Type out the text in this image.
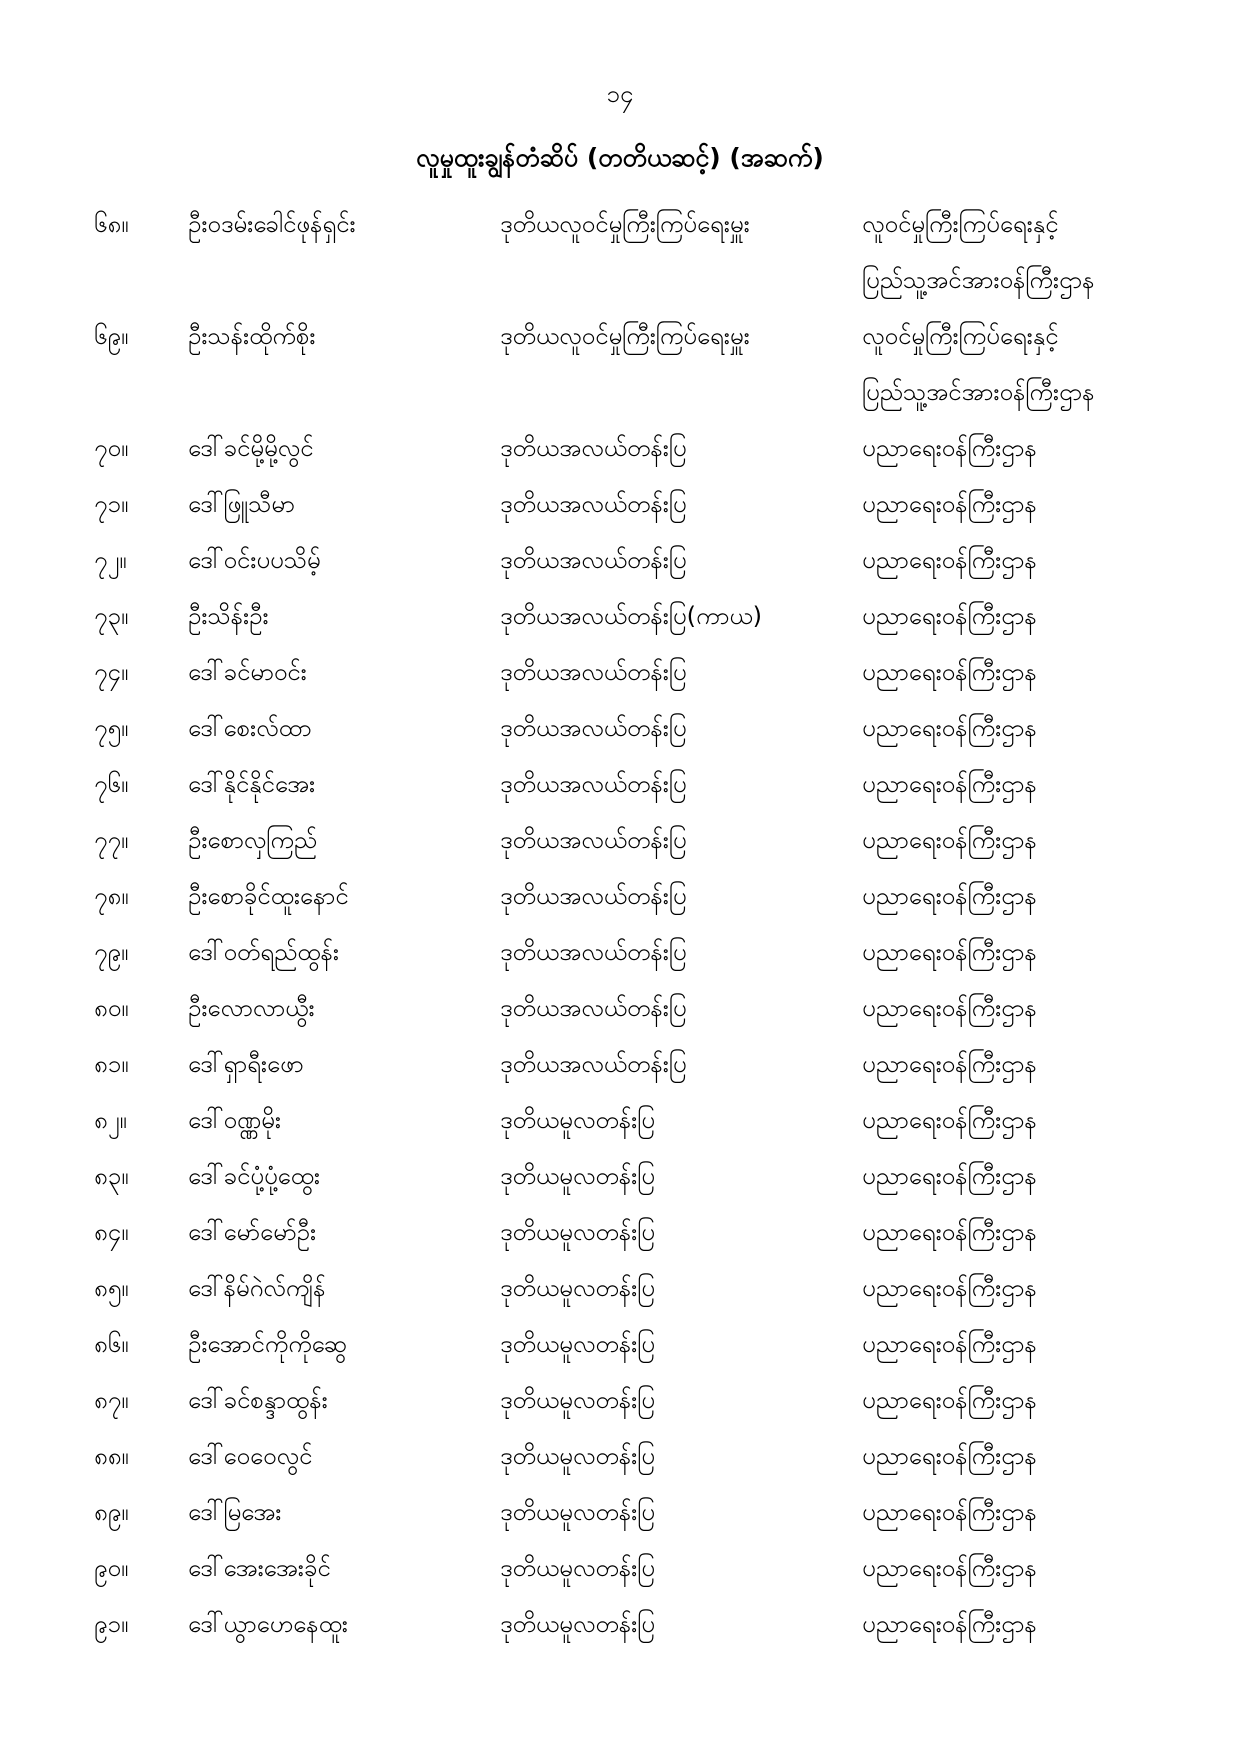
၁၄
လူမှုထူးချွန်တံဆိပ် (တတိယဆင့်) (အဆက်)
၆၈။ ဦးဝဒမ်းခေါင်ဖုန်ရှင်း	ဒုတိယလူဝင်မှုကြီးကြပ်ရေးမှူး	လူဝင်မှုကြီးကြပ်ရေးနှင့်
ပြည်သူ့အင်အားဝန်ကြီးဌာန
၆၉။ ဦးသန်းထိုက်စိုး	ဒုတိယလူဝင်မှုကြီးကြပ်ရေးမှူး	လူဝင်မှုကြီးကြပ်ရေးနှင့်
ပြည်သူ့အင်အားဝန်ကြီးဌာန
၇၀။ ဒေါ်ခင်မို့မို့လွင်	ဒုတိယအလယ်တန်းပြ	ပညာရေးဝန်ကြီးဌာန
၇၁။ ဒေါ်ဖြူသီမာ	ဒုတိယအလယ်တန်းပြ	ပညာရေးဝန်ကြီးဌာန
၇၂။	ဒေါ်ဝင်းပပသိမ့်	ဒုတိယအလယ်တန်းပြ	ပညာရေးဝန်ကြီးဌာန
၇၃။ ဦးသိန်းဦး	ဒုတိယအလယ်တန်းပြ(ကာယ)	ပညာရေးဝန်ကြီးဌာန
၇၄။ ဒေါ်ခင်မာဝင်း	ဒုတိယအလယ်တန်းပြ	ပညာရေးဝန်ကြီးဌာန
၇၅။ ဒေါ်စေးလ်ထာ	ဒုတိယအလယ်တန်းပြ	ပညာရေးဝန်ကြီးဌာန
၇၆။ ဒေါ်နိုင်နိုင်အေး	ဒုတိယအလယ်တန်းပြ	ပညာရေးဝန်ကြီးဌာန
၇၇။ ဦးစောလှကြည်	ဒုတိယအလယ်တန်းပြ	ပညာရေးဝန်ကြီးဌာန
၇၈။ ဦးစောခိုင်ထူးနောင်	ဒုတိယအလယ်တန်းပြ	ပညာရေးဝန်ကြီးဌာန
၇၉။ ဒေါ်ဝတ်ရည်ထွန်း	ဒုတိယအလယ်တန်းပြ	ပညာရေးဝန်ကြီးဌာန
၈၀။ ဦးလောလာယွီး	ဒုတိယအလယ်တန်းပြ	ပညာရေးဝန်ကြီးဌာန
၈၁။ ဒေါ်ရှာရီးဖော	ဒုတိယအလယ်တန်းပြ	ပညာရေးဝန်ကြီးဌာန
၈၂။	ဒေါ်ဝဏ္ဏမိုး	ဒုတိယမူလတန်းပြ	ပညာရေးဝန်ကြီးဌာန
၈၃။ ဒေါ်ခင်ပုံ့ပုံ့ထွေး	ဒုတိယမူလတန်းပြ	ပညာရေးဝန်ကြီးဌာန
၈၄။ ဒေါ်မော်မော်ဦး	ဒုတိယမူလတန်းပြ	ပညာရေးဝန်ကြီးဌာန
၈၅။ ဒေါ်နိမ်ဂဲလ်ကျိန်	ဒုတိယမူလတန်းပြ	ပညာရေးဝန်ကြီးဌာန
၈၆။ ဦးအောင်ကိုကိုဆွေ	ဒုတိယမူလတန်းပြ	ပညာရေးဝန်ကြီးဌာန
၈၇။ ဒေါ်ခင်စန္ဒာထွန်း	ဒုတိယမူလတန်းပြ	ပညာရေးဝန်ကြီးဌာန
၈၈။ ဒေါ်ဝေဝေလွင်	ဒုတိယမူလတန်းပြ	ပညာရေးဝန်ကြီးဌာန
၈၉။ ဒေါ်မြအေး	ဒုတိယမူလတန်းပြ	ပညာရေးဝန်ကြီးဌာန
၉၀။ ဒေါ်အေးအေးခိုင်	ဒုတိယမူလတန်းပြ	ပညာရေးဝန်ကြီးဌာန
၉၁။ ဒေါ်ယွာဟေနေထူး	ဒုတိယမူလတန်းပြ	ပညာရေးဝန်ကြီးဌာန
